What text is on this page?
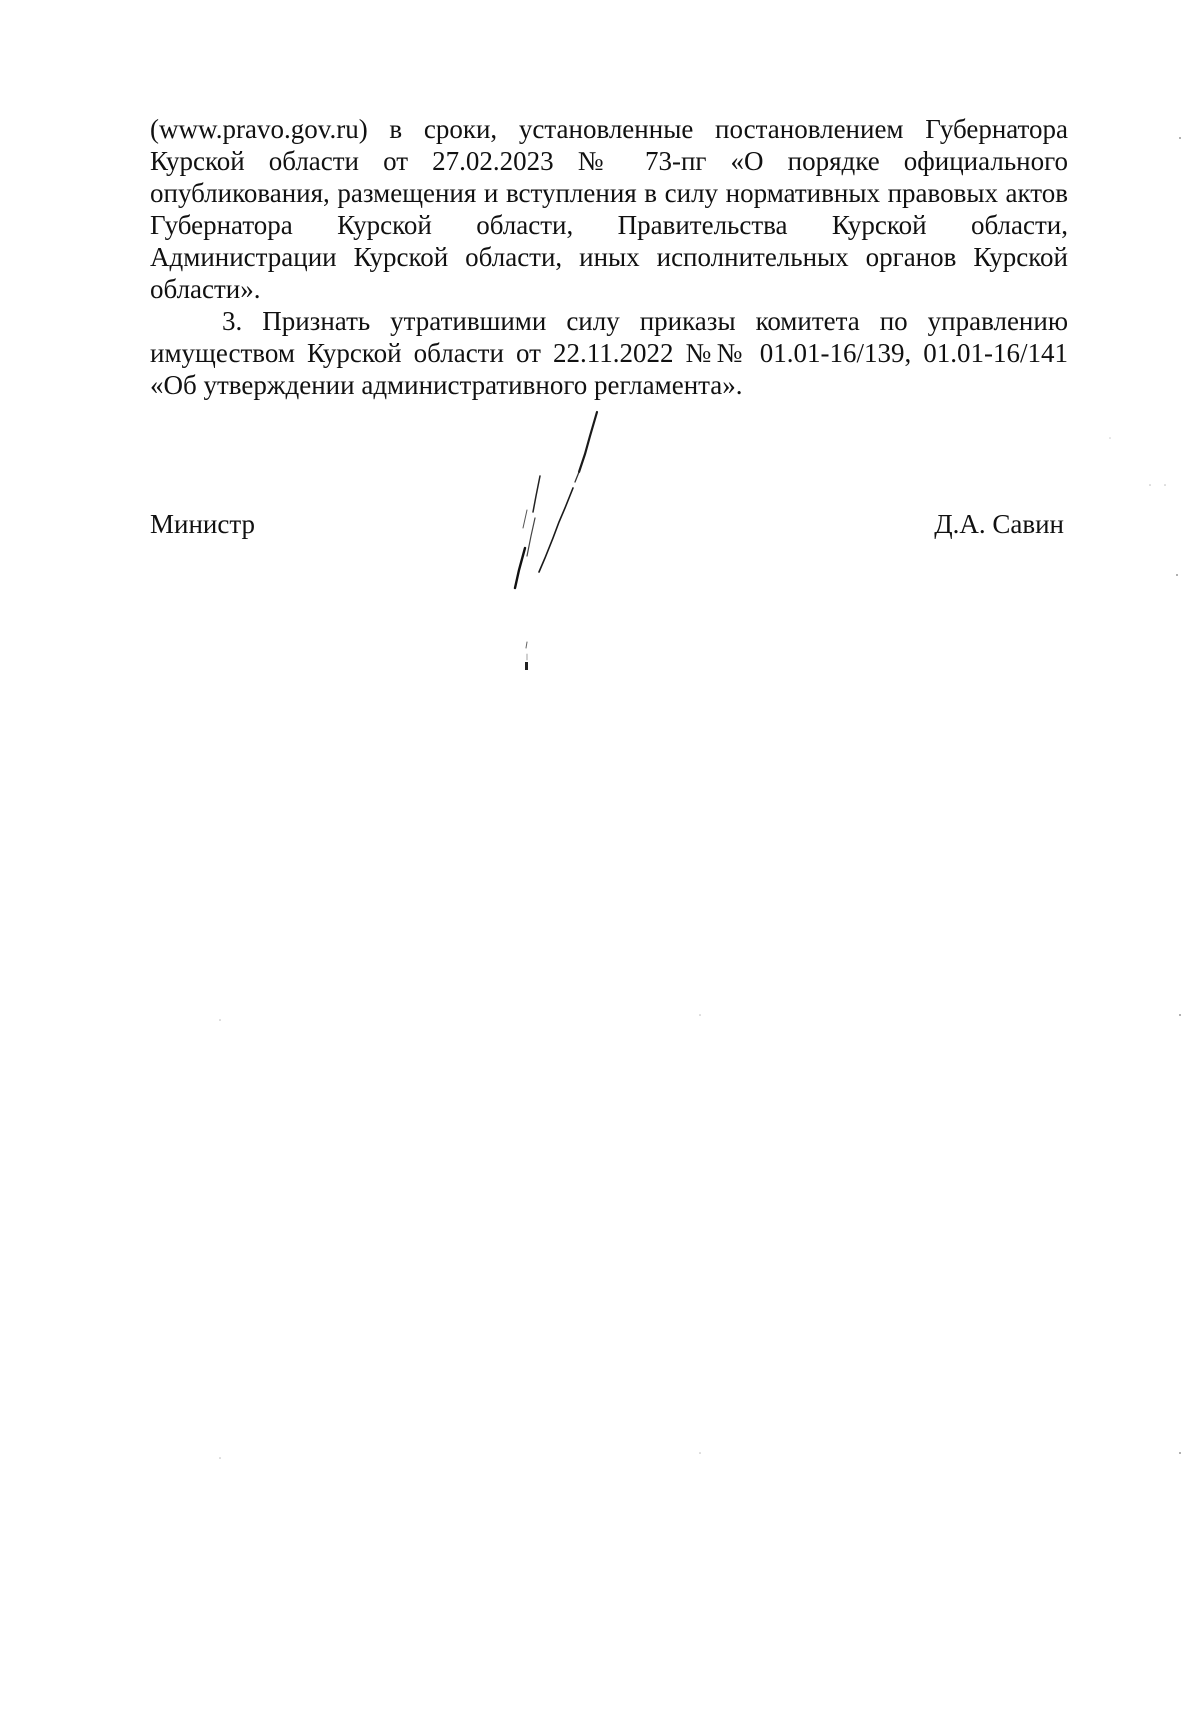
(www.pravo.gov.ru) в сроки, установленные постановлением Губернатора Курской области от 27.02.2023 № 73-пг «О порядке официального опубликования, размещения и вступления в силу нормативных правовых актов Губернатора Курской области, Правительства Курской области, Администрации Курской области, иных исполнительных органов Курской области».

3. Признать утратившими силу приказы комитета по управлению имуществом Курской области от 22.11.2022 №№ 01.01-16/139, 01.01-16/141 «Об утверждении административного регламента».

Министр	Д.А. Савин
